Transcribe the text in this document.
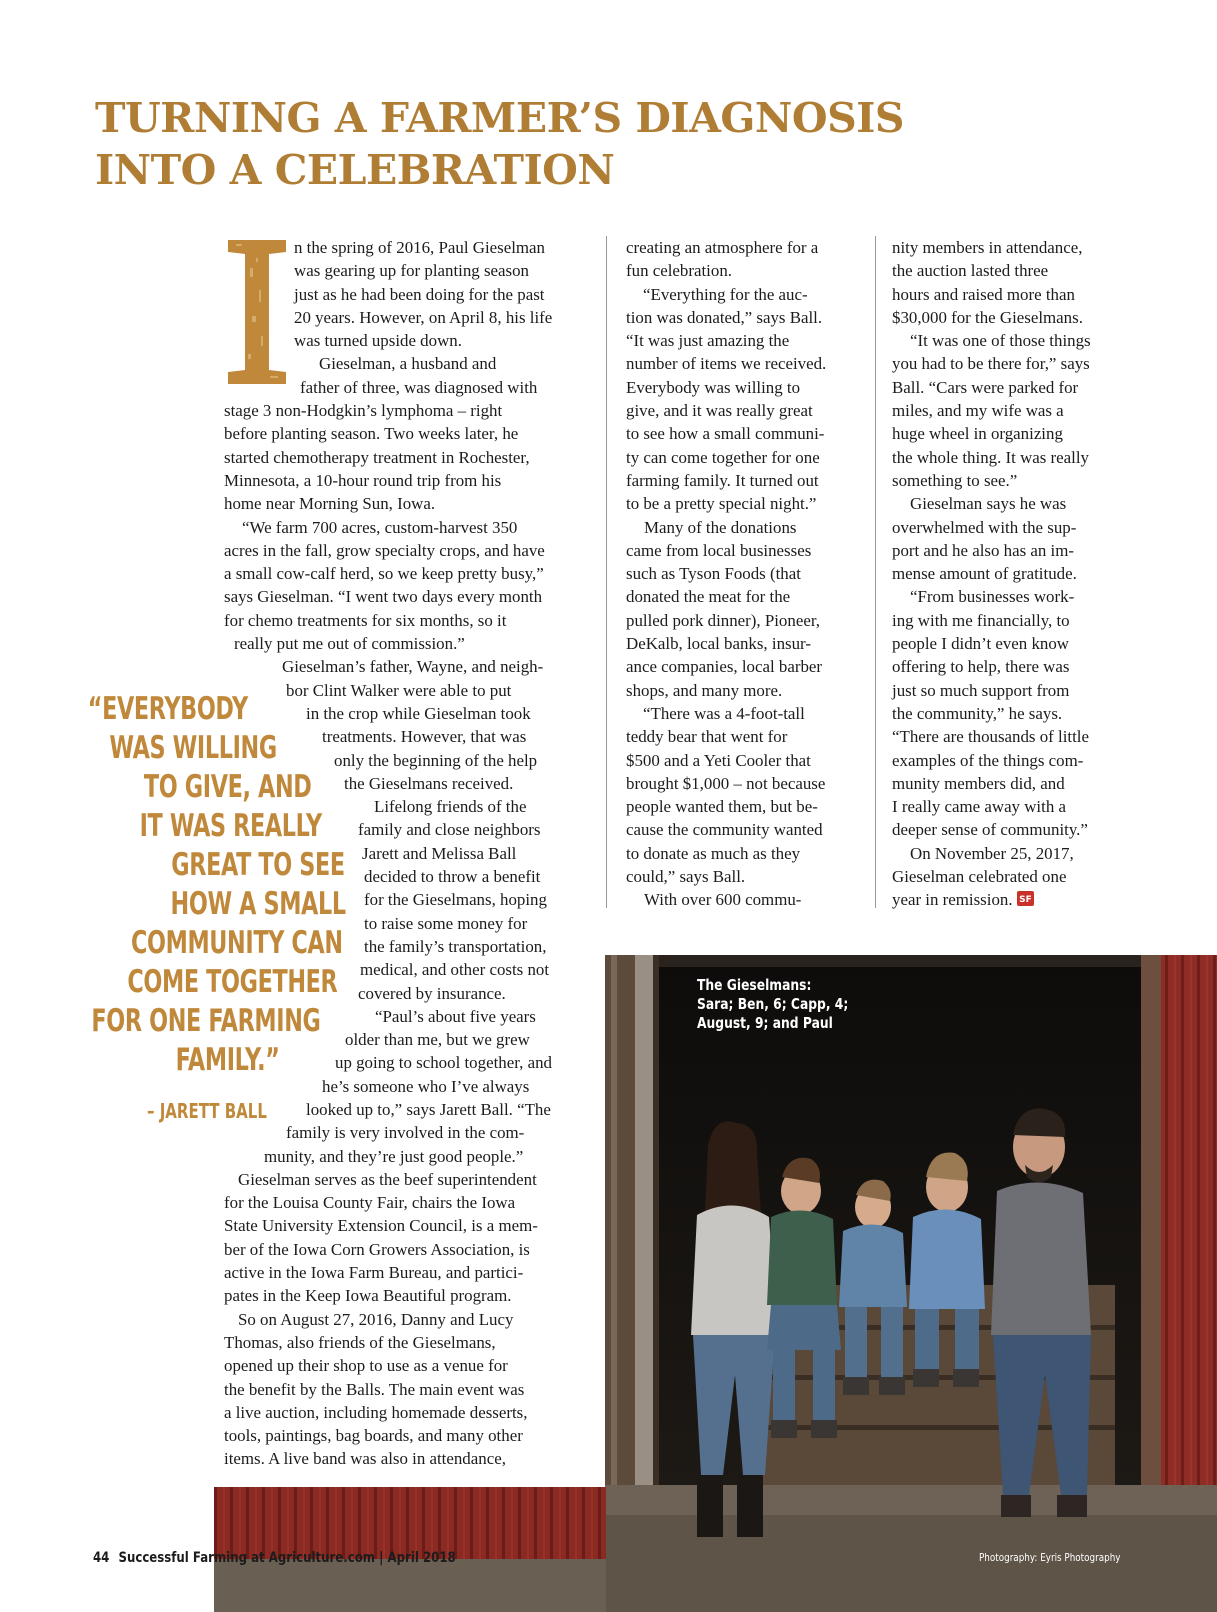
TURNING A FARMER’S DIAGNOSIS
INTO A CELEBRATION

n the spring of 2016, Paul Gieselman
was gearing up for planting season
just as he had been doing for the past
20 years. However, on April 8, his life
was turned upside down.

Gieselman, a husband and
father of three, was diagnosed with
stage 3 non-Hodgkin’s lymphoma – right
before planting season. Two weeks later, he
started chemotherapy treatment in Rochester,
Minnesota, a 10-hour round trip from his
home near Morning Sun, Iowa.

“We farm 700 acres, custom-harvest 350
acres in the fall, grow specialty crops, and have
a small cow-calf herd, so we keep pretty busy,”
says Gieselman. “I went two days every month
for chemo treatments for six months, so it
really put me out of commission.”

Gieselman’s father, Wayne, and neigh-
bor Clint Walker were able to put
in the crop while Gieselman took
treatments. However, that was
only the beginning of the help
the Gieselmans received.

Lifelong friends of the
family and close neighbors
Jarett and Melissa Ball
decided to throw a benefit
for the Gieselmans, hoping
to raise some money for
the family’s transportation,
medical, and other costs not
covered by insurance.

“Paul’s about five years
older than me, but we grew
up going to school together, and
he’s someone who I’ve always
looked up to,” says Jarett Ball. “The
family is very involved in the com-
munity, and they’re just good people.”

Gieselman serves as the beef superintendent
for the Louisa County Fair, chairs the Iowa
State University Extension Council, is a mem-
ber of the Iowa Corn Growers Association, is
active in the Iowa Farm Bureau, and partici-
pates in the Keep Iowa Beautiful program.

So on August 27, 2016, Danny and Lucy
Thomas, also friends of the Gieselmans,
opened up their shop to use as a venue for
the benefit by the Balls. The main event was
a live auction, including homemade desserts,
tools, paintings, bag boards, and many other
items. A live band was also in attendance,

creating an atmosphere for a
fun celebration.

“Everything for the auc-
tion was donated,” says Ball.
“It was just amazing the
number of items we received.
Everybody was willing to
give, and it was really great
to see how a small communi-
ty can come together for one
farming family. It turned out
to be a pretty special night.”

Many of the donations
came from local businesses
such as Tyson Foods (that
donated the meat for the
pulled pork dinner), Pioneer,
DeKalb, local banks, insur-
ance companies, local barber
shops, and many more.

“There was a 4-foot-tall
teddy bear that went for
$500 and a Yeti Cooler that
brought $1,000 – not because
people wanted them, but be-
cause the community wanted
to donate as much as they
could,” says Ball.

With over 600 commu-

nity members in attendance,
the auction lasted three
hours and raised more than
$30,000 for the Gieselmans.

“It was one of those things
you had to be there for,” says
Ball. “Cars were parked for
miles, and my wife was a
huge wheel in organizing
the whole thing. It was really
something to see.”

Gieselman says he was
overwhelmed with the sup-
port and he also has an im-
mense amount of gratitude.

“From businesses work-
ing with me financially, to
people I didn’t even know
offering to help, there was
just so much support from
the community,” he says.
“There are thousands of little
examples of the things com-
munity members did, and
I really came away with a
deeper sense of community.”

On November 25, 2017,
Gieselman celebrated one
year in remission. SF

“EVERYBODY
WAS WILLING
TO GIVE, AND
IT WAS REALLY
GREAT TO SEE
HOW A SMALL
COMMUNITY CAN
COME TOGETHER
FOR ONE FARMING
FAMILY.”
– JARETT BALL
The Gieselmans:
Sara; Ben, 6; Capp, 4;
August, 9; and Paul
Photography: Eyris Photography
44 Successful Farming at Agriculture.com | April 2018
